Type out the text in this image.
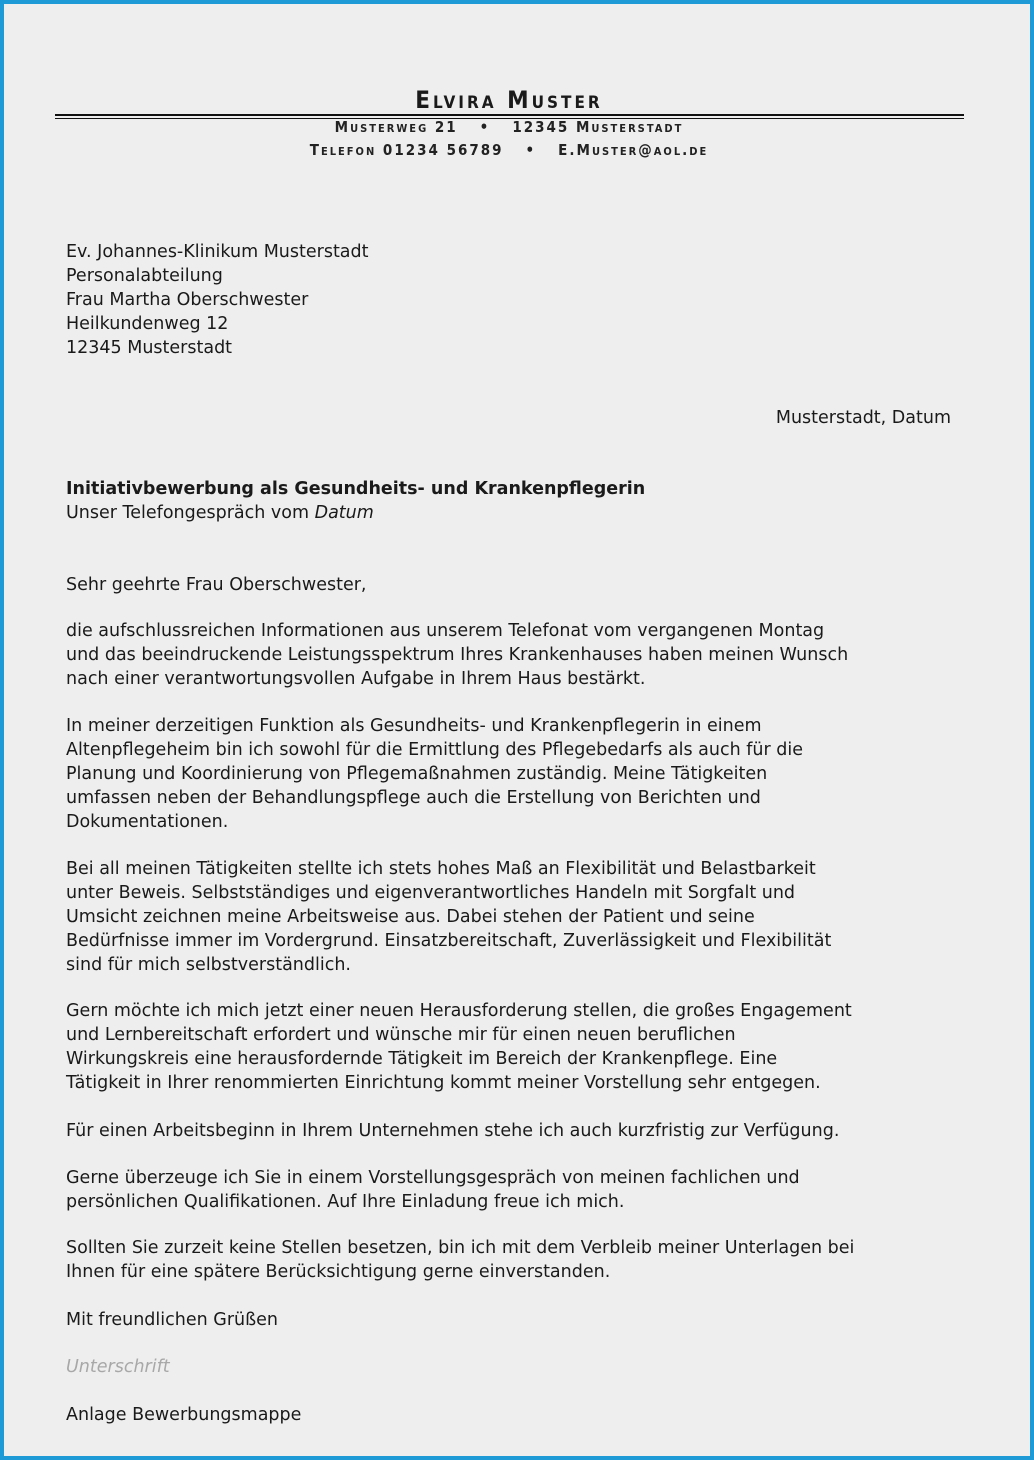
Elvira Muster
Musterweg 21 • 12345 Musterstadt
Telefon 01234 56789 • E.Muster@aol.de
Ev. Johannes-Klinikum Musterstadt
Personalabteilung
Frau Martha Oberschwester
Heilkundenweg 12
12345 Musterstadt
Musterstadt, Datum
Initiativbewerbung als Gesundheits- und Krankenpflegerin
Unser Telefongespräch vom Datum
Sehr geehrte Frau Oberschwester,
die aufschlussreichen Informationen aus unserem Telefonat vom vergangenen Montag
und das beeindruckende Leistungsspektrum Ihres Krankenhauses haben meinen Wunsch
nach einer verantwortungsvollen Aufgabe in Ihrem Haus bestärkt.
In meiner derzeitigen Funktion als Gesundheits- und Krankenpflegerin in einem
Altenpflegeheim bin ich sowohl für die Ermittlung des Pflegebedarfs als auch für die
Planung und Koordinierung von Pflegemaßnahmen zuständig. Meine Tätigkeiten
umfassen neben der Behandlungspflege auch die Erstellung von Berichten und
Dokumentationen.
Bei all meinen Tätigkeiten stellte ich stets hohes Maß an Flexibilität und Belastbarkeit
unter Beweis. Selbstständiges und eigenverantwortliches Handeln mit Sorgfalt und
Umsicht zeichnen meine Arbeitsweise aus. Dabei stehen der Patient und seine
Bedürfnisse immer im Vordergrund. Einsatzbereitschaft, Zuverlässigkeit und Flexibilität
sind für mich selbstverständlich.
Gern möchte ich mich jetzt einer neuen Herausforderung stellen, die großes Engagement
und Lernbereitschaft erfordert und wünsche mir für einen neuen beruflichen
Wirkungskreis eine herausfordernde Tätigkeit im Bereich der Krankenpflege. Eine
Tätigkeit in Ihrer renommierten Einrichtung kommt meiner Vorstellung sehr entgegen.
Für einen Arbeitsbeginn in Ihrem Unternehmen stehe ich auch kurzfristig zur Verfügung.
Gerne überzeuge ich Sie in einem Vorstellungsgespräch von meinen fachlichen und
persönlichen Qualifikationen. Auf Ihre Einladung freue ich mich.
Sollten Sie zurzeit keine Stellen besetzen, bin ich mit dem Verbleib meiner Unterlagen bei
Ihnen für eine spätere Berücksichtigung gerne einverstanden.
Mit freundlichen Grüßen
Unterschrift
Anlage Bewerbungsmappe
